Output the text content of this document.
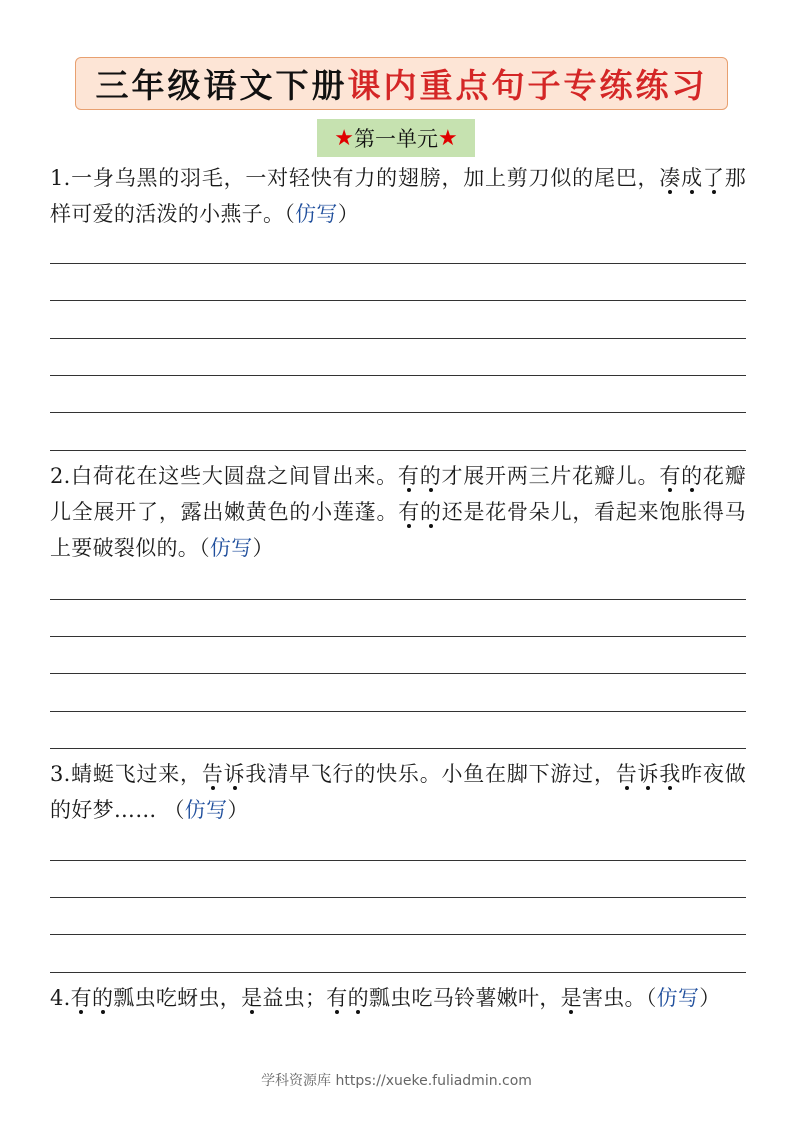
三年级语文下册 课内重点句子专练练习
★ 第一单元 ★
1.一身乌黑的羽毛，一对轻快有力的翅膀，加上剪刀似的尾巴，凑成了那样可爱的活泼的小燕子。（仿写）
2.白荷花在这些大圆盘之间冒出来。有的才展开两三片花瓣儿。有的花瓣儿全展开了，露出嫩黄色的小莲蓬。有的还是花骨朵儿，看起来饱胀得马上要破裂似的。（仿写）
3.蜻蜓飞过来，告诉我清早飞行的快乐。小鱼在脚下游过，告诉我昨夜做的好梦…… （仿写）
4.有的瓢虫吃蚜虫，是益虫；有的瓢虫吃马铃薯嫩叶，是害虫。（仿写）
学科资源库 https://xueke.fuliadmin.com
